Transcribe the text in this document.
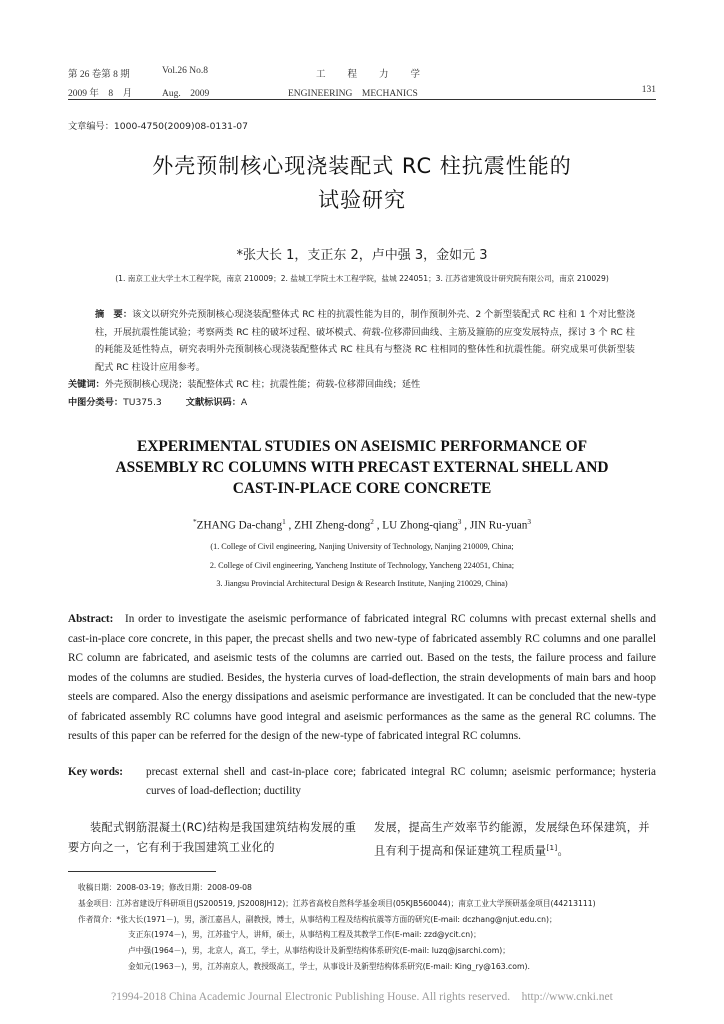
第 26 卷第 8 期	Vol.26 No.8	工　　程　　力　　学
2009 年　8　月	Aug.　2009	ENGINEERING　MECHANICS	131
文章编号：1000-4750(2009)08-0131-07
外壳预制核心现浇装配式 RC 柱抗震性能的
试验研究
*张大长 1，支正东 2，卢中强 3，金如元 3
(1. 南京工业大学土木工程学院，南京 210009；2. 盐城工学院土木工程学院，盐城 224051；3. 江苏省建筑设计研究院有限公司，南京 210029)
摘　要：该文以研究外壳预制核心现浇装配整体式 RC 柱的抗震性能为目的，制作预制外壳、2 个新型装配式 RC 柱和 1 个对比整浇柱，开展抗震性能试验；考察两类 RC 柱的破坏过程、破坏模式、荷载-位移滞回曲线、主筋及箍筋的应变发展特点，探讨 3 个 RC 柱的耗能及延性特点，研究表明外壳预制核心现浇装配整体式 RC 柱具有与整浇 RC 柱相同的整体性和抗震性能。研究成果可供新型装配式 RC 柱设计应用参考。
关键词：外壳预制核心现浇；装配整体式 RC 柱；抗震性能；荷载-位移滞回曲线；延性
中图分类号：TU375.3	文献标识码：A
EXPERIMENTAL STUDIES ON ASEISMIC PERFORMANCE OF
ASSEMBLY RC COLUMNS WITH PRECAST EXTERNAL SHELL AND
CAST-IN-PLACE CORE CONCRETE
*ZHANG Da-chang$^1$ , ZHI Zheng-dong$^2$ , LU Zhong-qiang$^3$ , JIN Ru-yuan$^3$
(1. College of Civil engineering, Nanjing University of Technology, Nanjing 210009, China;
2. College of Civil engineering, Yancheng Institute of Technology, Yancheng 224051, China;
3. Jiangsu Provincial Architectural Design & Research Institute, Nanjing 210029, China)
Abstract: In order to investigate the aseismic performance of fabricated integral RC columns with precast external shells and cast-in-place core concrete, in this paper, the precast shells and two new-type of fabricated assembly RC columns and one parallel RC column are fabricated, and aseismic tests of the columns are carried out. Based on the tests, the failure process and failure modes of the columns are studied. Besides, the hysteria curves of load-deflection, the strain developments of main bars and hoop steels are compared. Also the energy dissipations and aseismic performance are investigated. It can be concluded that the new-type of fabricated assembly RC columns have good integral and aseismic performances as the same as the general RC columns. The results of this paper can be referred for the design of the new-type of fabricated integral RC columns.
Key words: precast external shell and cast-in-place core; fabricated integral RC column; aseismic performance; hysteria curves of load-deflection; ductility
装配式钢筋混凝土(RC)结构是我国建筑结构发展的重要方向之一，它有利于我国建筑工业化的
发展，提高生产效率节约能源，发展绿色环保建筑，并且有利于提高和保证建筑工程质量[1]。
收稿日期：2008-03-19；修改日期：2008-09-08
基金项目：江苏省建设厅科研项目(JS200519, JS2008JH12)；江苏省高校自然科学基金项目(05KJB560044)；南京工业大学预研基金项目(44213111)
作者简介：*张大长(1971－)，男，浙江嘉昌人，副教授，博士，从事结构工程及结构抗震等方面的研究(E-mail: dczhang@njut.edu.cn)；
支正东(1974－)，男，江苏盐宁人，讲师，硕士，从事结构工程及其教学工作(E-mail: zzd@ycit.cn)；
卢中强(1964－)，男，北京人，高工，学士，从事结构设计及新型结构体系研究(E-mail: luzq@jsarchi.com)；
金如元(1963－)，男，江苏南京人，教授级高工，学士，从事设计及新型结构体系研究(E-mail: King_ry@163.com).
?1994-2018 China Academic Journal Electronic Publishing House. All rights reserved.　http://www.cnki.net
